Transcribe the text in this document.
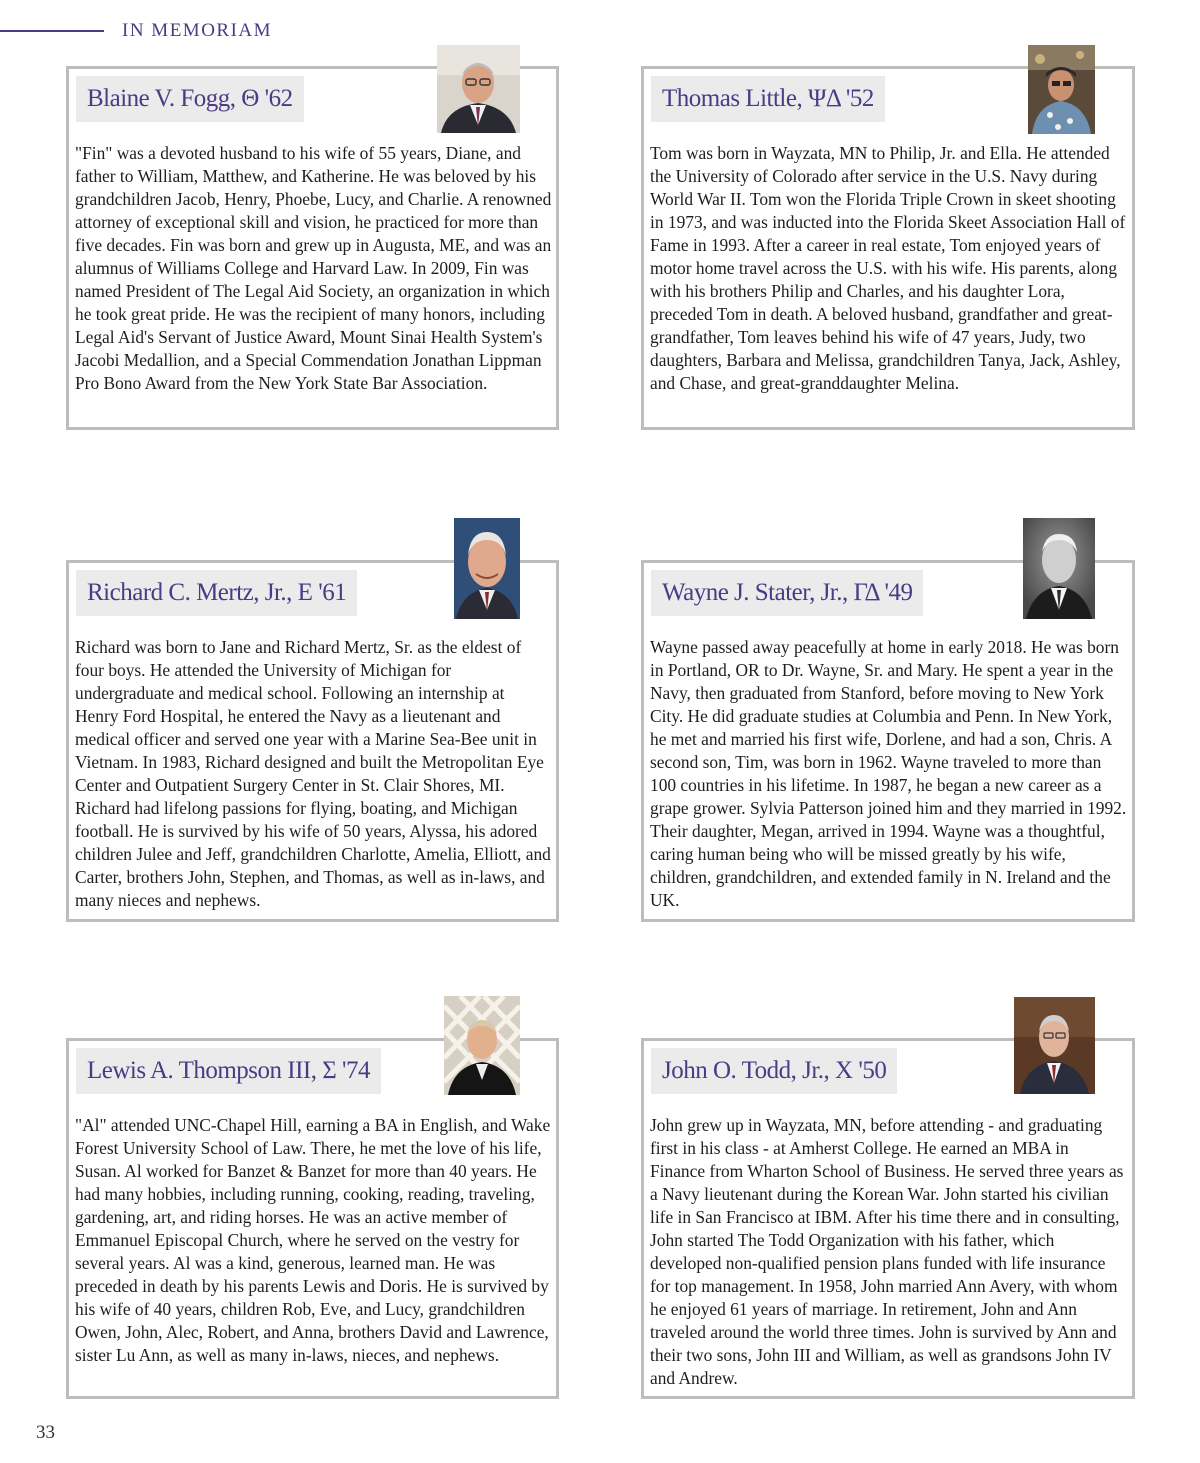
IN MEMORIAM
Blaine V. Fogg, Θ '62
"Fin" was a devoted husband to his wife of 55 years, Diane, and father to William, Matthew, and Katherine. He was beloved by his grandchildren Jacob, Henry, Phoebe, Lucy, and Charlie. A renowned attorney of exceptional skill and vision, he practiced for more than five decades. Fin was born and grew up in Augusta, ME, and was an alumnus of Williams College and Harvard Law. In 2009, Fin was named President of The Legal Aid Society, an organization in which he took great pride. He was the recipient of many honors, including Legal Aid's Servant of Justice Award, Mount Sinai Health System's Jacobi Medallion, and a Special Commendation Jonathan Lippman Pro Bono Award from the New York State Bar Association.
Thomas Little, ΨΔ '52
Tom was born in Wayzata, MN to Philip, Jr. and Ella. He attended the University of Colorado after service in the U.S. Navy during World War II. Tom won the Florida Triple Crown in skeet shooting in 1973, and was inducted into the Florida Skeet Association Hall of Fame in 1993. After a career in real estate, Tom enjoyed years of motor home travel across the U.S. with his wife. His parents, along with his brothers Philip and Charles, and his daughter Lora, preceded Tom in death. A beloved husband, grandfather and great-grandfather, Tom leaves behind his wife of 47 years, Judy, two daughters, Barbara and Melissa, grandchildren Tanya, Jack, Ashley, and Chase, and great-granddaughter Melina.
Richard C. Mertz, Jr., E '61
Richard was born to Jane and Richard Mertz, Sr. as the eldest of four boys. He attended the University of Michigan for undergraduate and medical school. Following an internship at Henry Ford Hospital, he entered the Navy as a lieutenant and medical officer and served one year with a Marine Sea-Bee unit in Vietnam. In 1983, Richard designed and built the Metropolitan Eye Center and Outpatient Surgery Center in St. Clair Shores, MI. Richard had lifelong passions for flying, boating, and Michigan football. He is survived by his wife of 50 years, Alyssa, his adored children Julee and Jeff, grandchildren Charlotte, Amelia, Elliott, and Carter, brothers John, Stephen, and Thomas, as well as in-laws, and many nieces and nephews.
Wayne J. Stater, Jr., ΓΔ '49
Wayne passed away peacefully at home in early 2018. He was born in Portland, OR to Dr. Wayne, Sr. and Mary. He spent a year in the Navy, then graduated from Stanford, before moving to New York City. He did graduate studies at Columbia and Penn. In New York, he met and married his first wife, Dorlene, and had a son, Chris. A second son, Tim, was born in 1962. Wayne traveled to more than 100 countries in his lifetime. In 1987, he began a new career as a grape grower. Sylvia Patterson joined him and they married in 1992. Their daughter, Megan, arrived in 1994. Wayne was a thoughtful, caring human being who will be missed greatly by his wife, children, grandchildren, and extended family in N. Ireland and the UK.
Lewis A. Thompson III, Σ '74
"Al" attended UNC-Chapel Hill, earning a BA in English, and Wake Forest University School of Law. There, he met the love of his life, Susan. Al worked for Banzet & Banzet for more than 40 years. He had many hobbies, including running, cooking, reading, traveling, gardening, art, and riding horses. He was an active member of Emmanuel Episcopal Church, where he served on the vestry for several years. Al was a kind, generous, learned man. He was preceded in death by his parents Lewis and Doris. He is survived by his wife of 40 years, children Rob, Eve, and Lucy, grandchildren Owen, John, Alec, Robert, and Anna, brothers David and Lawrence, sister Lu Ann, as well as many in-laws, nieces, and nephews.
John O. Todd, Jr., X '50
John grew up in Wayzata, MN, before attending - and graduating first in his class - at Amherst College. He earned an MBA in Finance from Wharton School of Business. He served three years as a Navy lieutenant during the Korean War. John started his civilian life in San Francisco at IBM. After his time there and in consulting, John started The Todd Organization with his father, which developed non-qualified pension plans funded with life insurance for top management. In 1958, John married Ann Avery, with whom he enjoyed 61 years of marriage. In retirement, John and Ann traveled around the world three times. John is survived by Ann and their two sons, John III and William, as well as grandsons John IV and Andrew.
33
